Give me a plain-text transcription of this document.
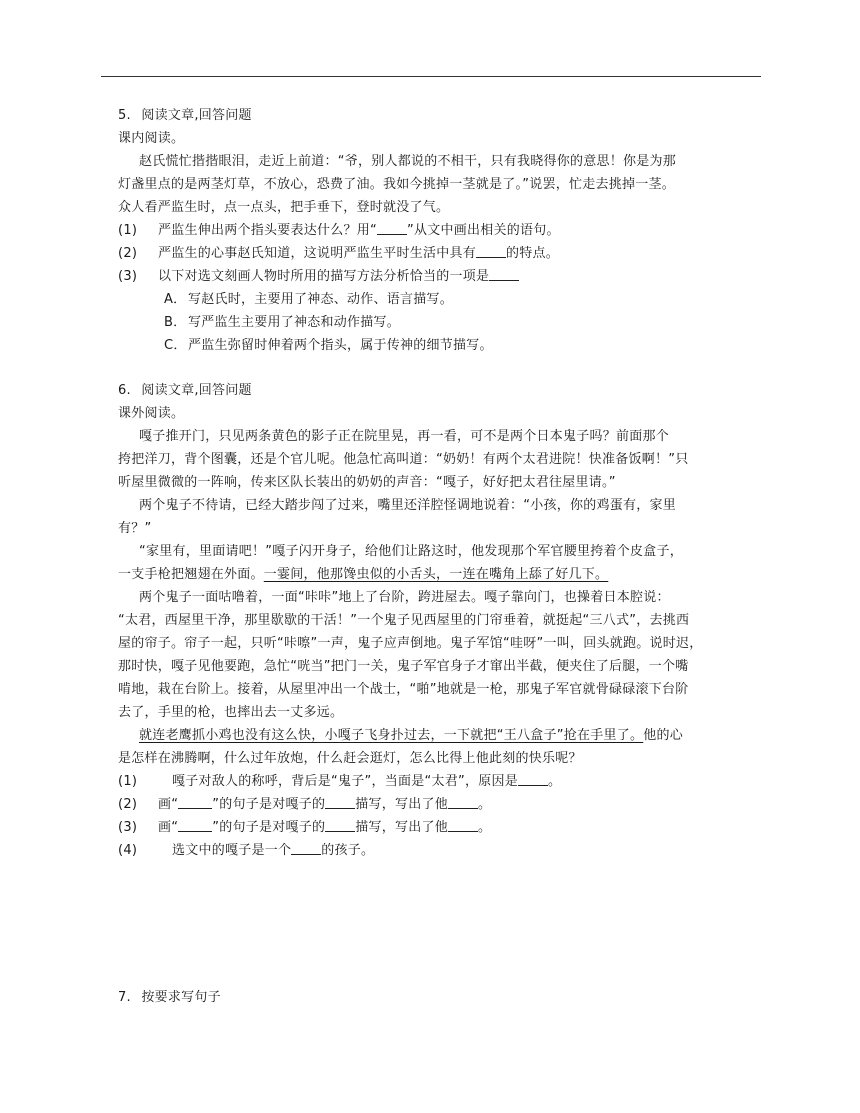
5. 阅读文章,回答问题
课内阅读。
赵氏慌忙揩揩眼泪，走近上前道：“爷，别人都说的不相干，只有我晓得你的意思！你是为那
灯盏里点的是两茎灯草，不放心，恐费了油。我如今挑掉一茎就是了。”说罢，忙走去挑掉一茎。
众人看严监生时，点一点头，把手垂下，登时就没了气。
(1) 严监生伸出两个指头要表达什么？用“ ”从文中画出相关的语句。
(2) 严监生的心事赵氏知道，这说明严监生平时生活中具有 的特点。
(3) 以下对选文刻画人物时所用的描写方法分析恰当的一项是
A． 写赵氏时，主要用了神态、动作、语言描写。
B． 写严监生主要用了神态和动作描写。
C．严监生弥留时伸着两个指头，属于传神的细节描写。
6. 阅读文章,回答问题
课外阅读。
嘎子推开门，只见两条黄色的影子正在院里晃，再一看，可不是两个日本鬼子吗？前面那个
挎把洋刀，背个图囊，还是个官儿呢。他急忙高叫道：“奶奶！有两个太君进院！快准备饭啊！”只
听屋里微微的一阵响，传来区队长装出的奶奶的声音：“嘎子，好好把太君往屋里请。”
两个鬼子不待请，已经大踏步闯了过来，嘴里还洋腔怪调地说着：“小孩，你的鸡蛋有，家里
有？”
“家里有，里面请吧！”嘎子闪开身子，给他们让路这时，他发现那个军官腰里挎着个皮盒子，
一支手枪把翘翅在外面。一霎间，他那馋虫似的小舌头，一连在嘴角上舔了好几下。
两个鬼子一面咕噜着，一面“咔咔”地上了台阶，跨进屋去。嘎子靠向门，也操着日本腔说：
“太君，西屋里干净，那里歇歇的干活！”一个鬼子见西屋里的门帘垂着，就挺起“三八式”，去挑西
屋的帘子。帘子一起，只听“咔嚓”一声，鬼子应声倒地。鬼子军馆“哇呀”一叫，回头就跑。说时迟，
那时快，嘎子见他要跑，急忙“咣当”把门一关，鬼子军官身子才窜出半截，便夹住了后腿，一个嘴
啃地，栽在台阶上。接着，从屋里冲出一个战士，“啪”地就是一枪，那鬼子军官就骨碌碌滚下台阶
去了，手里的枪，也摔出去一丈多远。
就连老鹰抓小鸡也没有这么快，小嘎子飞身扑过去，一下就把“王八盒子”抢在手里了。他的心
是怎样在沸腾啊，什么过年放炮，什么赶会逛灯，怎么比得上他此刻的快乐呢？
(1)	嘎子对敌人的称呼，背后是“鬼子”，当面是“太君”，原因是 。
(2) 画“	”的句子是对嘎子的 描写，写出了他 。
(3) 画“	”的句子是对嘎子的 描写，写出了他 。
(4)	选文中的嘎子是一个 的孩子。
7. 按要求写句子
